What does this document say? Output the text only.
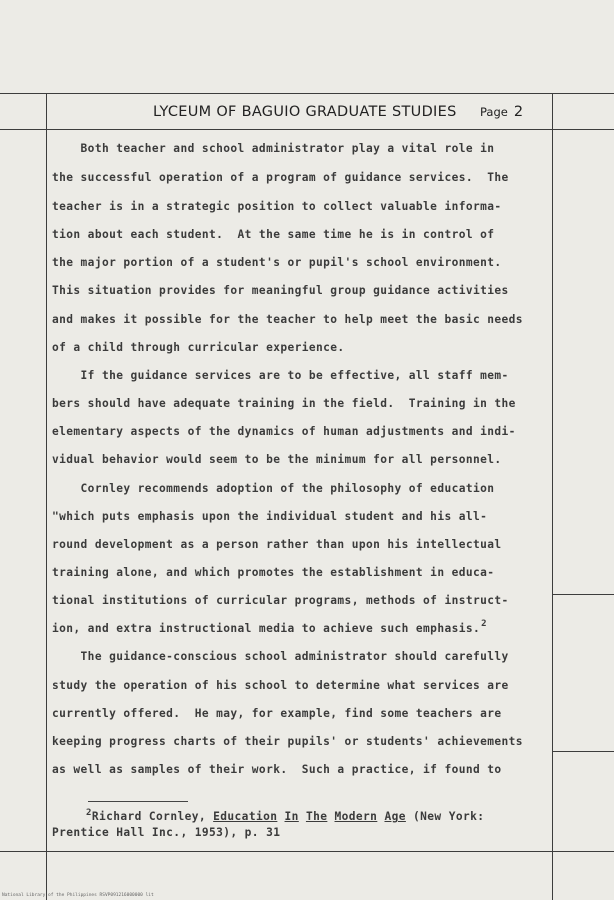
LYCEUM OF BAGUIO GRADUATE STUDIES Page 2
Both teacher and school administrator play a vital role in
the successful operation of a program of guidance services.  The
teacher is in a strategic position to collect valuable informa-
tion about each student.  At the same time he is in control of
the major portion of a student's or pupil's school environment.
This situation provides for meaningful group guidance activities
and makes it possible for the teacher to help meet the basic needs
of a child through curricular experience.
If the guidance services are to be effective, all staff mem-
bers should have adequate training in the field.  Training in the
elementary aspects of the dynamics of human adjustments and indi-
vidual behavior would seem to be the minimum for all personnel.
Cornley recommends adoption of the philosophy of education
"which puts emphasis upon the individual student and his all-
round development as a person rather than upon his intellectual
training alone, and which promotes the establishment in educa-
tional institutions of curricular programs, methods of instruct-
ion, and extra instructional media to achieve such emphasis.$^2$
The guidance-conscious school administrator should carefully
study the operation of his school to determine what services are
currently offered.  He may, for example, find some teachers are
keeping progress charts of their pupils' or students' achievements
as well as samples of their work.  Such a practice, if found to
$^2$Richard Cornley, Education In The Modern Age (New York:
Prentice Hall Inc., 1953), p. 31
National Library of the Philippines RSVP091216000000 lit
